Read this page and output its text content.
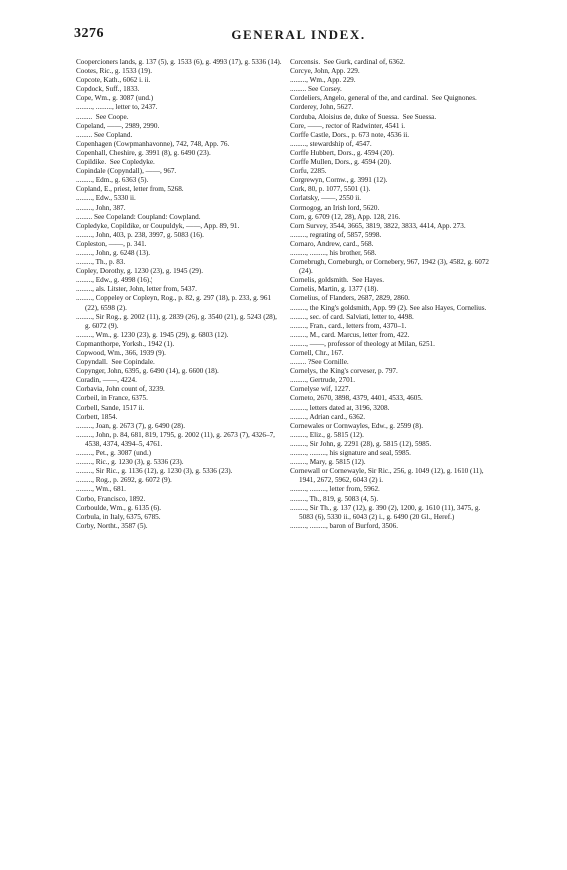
3276	GENERAL INDEX.
Coopercioners lands, g. 137 (5), g. 1533 (6), g. 4993 (17), g. 5336 (14).
Cootes, Ric., g. 1533 (19).
Copcote, Kath., 6062 i. ii.
Copdock, Suff., 1833.
Cope, Wm., g. 3087 (und.)
........., ........., letter to, 2437.
.........  See Coope.
Copeland, ——, 2989, 2990.
......... See Copland.
Copenhagen (Cowpmanhavonne), 742, 748, App. 76.
Copenhall, Cheshire, g. 3991 (8), g. 6490 (23).
Copildike.  See Copledyke.
Copindale (Copyndall), ——, 967.
........., Edm., g. 6363 (5).
Copland, E., priest, letter from, 5268.
........., Edw., 5330 ii.
........., John, 387.
......... See Copeland: Coupland: Cowpland.
Copledyke, Copildike, or Coupuldyk, ——, App. 89, 91.
........., John, 403, p. 238, 3997, g. 5083 (16).
Copleston, ——, p. 341.
........., John, g. 6248 (13).
........., Th., p. 83.
Copley, Dorothy, g. 1230 (23), g. 1945 (29).
........., Edw., g. 4998 (16).¦
........., als. Litster, John, letter from, 5437.
........., Coppeley or Copleyn, Rog., p. 82, g. 297 (18), p. 233, g. 961 (22), 6598 (2).
........., Sir Rog., g. 2002 (11), g. 2839 (26), g. 3540 (21), g. 5243 (28), g. 6072 (9).
........., Wm., g. 1230 (23), g. 1945 (29), g. 6803 (12).
Copmanthorpe, Yorksh., 1942 (1).
Copwood, Wm., 366, 1939 (9).
Copyndall.  See Copindale.
Copynger, John, 6395, g. 6490 (14), g. 6600 (18).
Coradin, ——, 4224.
Corbavia, John count of, 3239.
Corbeil, in France, 6375.
Corbell, Sande, 1517 ii.
Corbett, 1854.
........., Joan, g. 2673 (7), g. 6490 (28).
........., John, p. 84, 681, 819, 1795, g. 2002 (11), g. 2673 (7), 4326–7, 4538, 4374, 4394–5, 4761.
........., Pet., g. 3087 (und.)
........., Ric., g. 1230 (3), g. 5336 (23).
........., Sir Ric., g. 1136 (12), g. 1230 (3), g. 5336 (23).
........., Rog., p. 2692, g. 6072 (9).
........., Wm., 681.
Corbo, Francisco, 1892.
Corboulde, Wm., g. 6135 (6).
Corbula, in Italy, 6375, 6785.
Corby, Northt., 3587 (5).
Corcensis.  See Gurk, cardinal of, 6362.
Corcye, John, App. 229.
........., Wm., App. 229.
......... See Corsey.
Cordeliers, Angelo, general of the, and cardinal.  See Quignones.
Corderey, John, 5627.
Corduba, Aloisius de, duke of Suessa.  See Suessa.
Core, ——, rector of Radwinter, 4541 i.
Corffe Castle, Dors., p. 673 note, 4536 ii.
........., stewardship of, 4547.
Corffe Hubbert, Dors., g. 4594 (20).
Corffe Mullen, Dors., g. 4594 (20).
Corfu, 2285.
Corgrewyn, Cornw., g. 3991 (12).
Cork, 80, p. 1077, 5501 (1).
Corlatsky, ——, 2550 ii.
Cormogog, an Irish lord, 5620.
Corn, g. 6709 (12, 28), App. 128, 216.
Corn Survey, 3544, 3665, 3819, 3822, 3833, 4414, App. 273.
........., regrating of, 5857, 5998.
Cornaro, Andrew, card., 568.
........., ........., his brother, 568.
Cornebrugh, Corneburgh, or Cornebery, 967, 1942 (3), 4582, g. 6072 (24).
Cornelis, goldsmith.  See Hayes.
Cornelis, Martin, g. 1377 (18).
Cornelius, of Flanders, 2687, 2829, 2860.
........., the King's goldsmith, App. 99 (2). See also Hayes, Cornelius.
........., sec. of card. Salviati, letter to, 4498.
........., Fran., card., letters from, 4370–1.
........., M., card. Marcus, letter from, 422.
........., ——, professor of theology at Milan, 6251.
Cornell, Chr., 167.
......... ?See Cornille.
Cornelys, the King's corveser, p. 797.
........., Gertrude, 2701.
Cornelyse wif, 1227.
Corneto, 2670, 3898, 4379, 4401, 4533, 4605.
........., letters dated at, 3196, 3208.
........., Adrian card., 6362.
Cornewales or Cornwayles, Edw., g. 2599 (8).
........., Eliz., g. 5815 (12).
........., Sir John, g. 2291 (28), g. 5815 (12), 5985.
........., ........., his signature and seal, 5985.
........., Mary, g. 5815 (12).
Cornewall or Cornewayle, Sir Ric., 256, g. 1049 (12), g. 1610 (11), 1941, 2672, 5962, 6043 (2) i.
........., ........., letter from, 5962.
........., Th., 819, g. 5083 (4, 5).
........., Sir Th., g. 137 (12), g. 390 (2), 1200, g. 1610 (11), 3475, g. 5083 (6), 5330 ii., 6043 (2) i., g. 6490 (20 Gl., Heref.)
........., ........., baron of Burford, 3506.
